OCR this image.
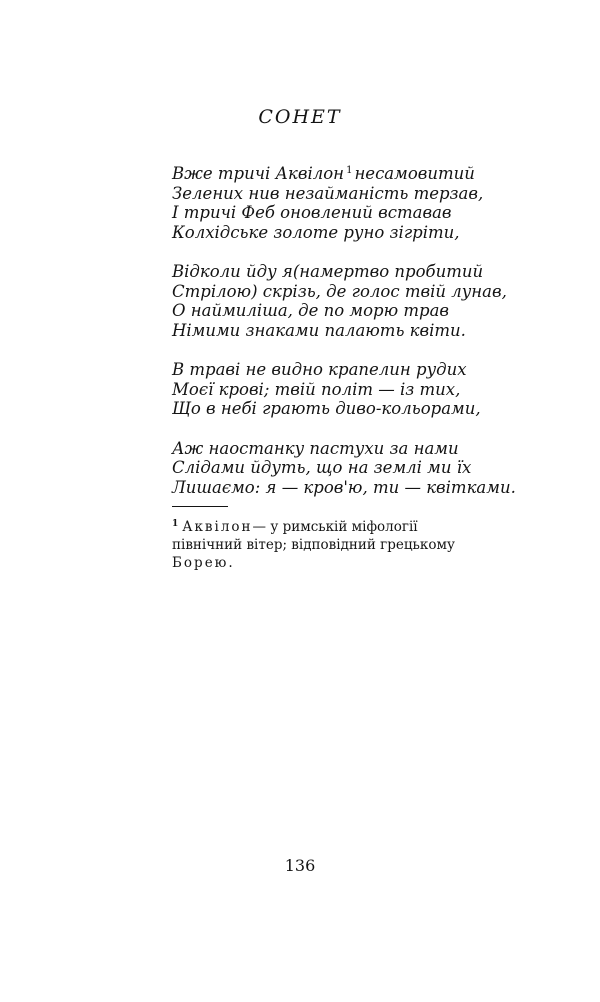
СОНЕТ
Вже тричі Аквілон $^1$ несамовитий
Зелених нив незайманість терзав,
І тричі Феб оновлений вставав
Колхідське золоте руно зігріти,
Відколи йду я(намертво пробитий
Стрілою) скрізь, де голос твій лунав,
О наймиліша, де по морю трав
Німими знаками палають квіти.
В траві не видно крапелин рудих
Моєї крові; твій політ — із тих,
Що в небі грають диво-кольорами,
Аж наостанку пастухи за нами
Слідами йдуть, що на землі ми їх
Лишаємо: я — кров'ю, ти — квітками.
$^1$ Аквілон— у римській міфології
північний вітер; відповідний грецькому
Борею.
136
